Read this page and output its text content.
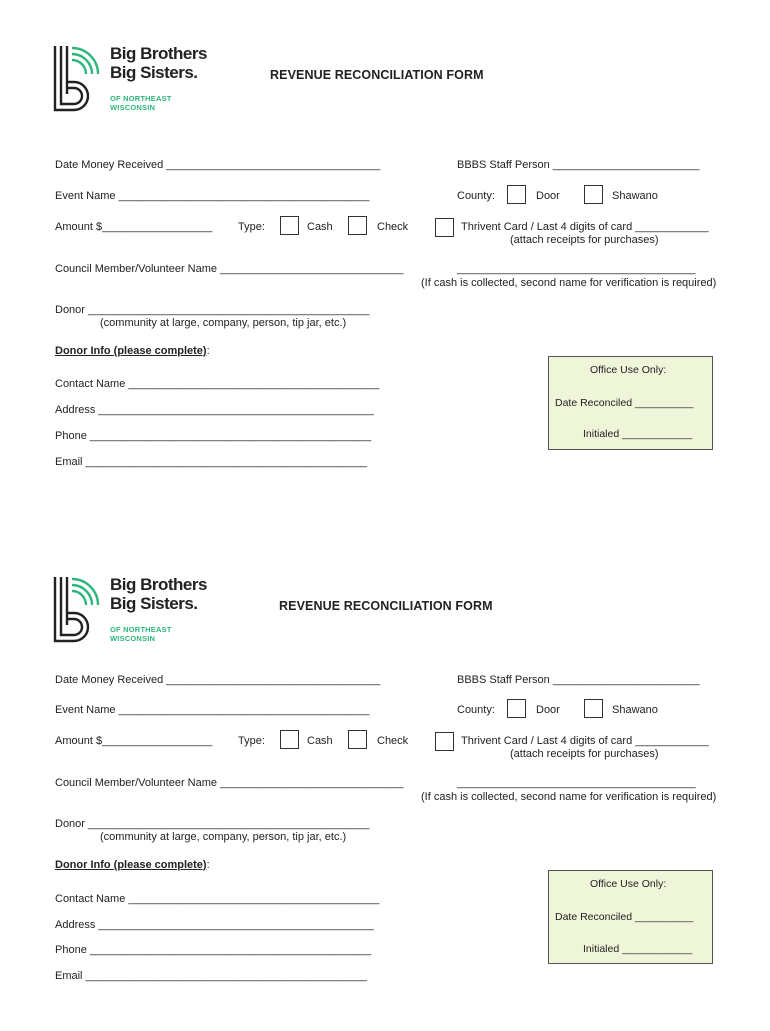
Big Brothers
Big Sisters.
OF NORTHEAST
WISCONSIN
REVENUE RECONCILIATION FORM
Date Money Received ___________________________________	BBBS Staff Person ________________________
Event Name _________________________________________	County:	Door	Shawano
Amount $__________________ Type:	Cash	Check	Thrivent Card / Last 4 digits of card ____________
(attach receipts for purchases)
Council Member/Volunteer Name ______________________________	_______________________________________
(If cash is collected, second name for verification is required)
Donor ______________________________________________
(community at large, company, person, tip jar, etc.)
Donor Info (please complete):
Contact Name _________________________________________
Address _____________________________________________
Phone ______________________________________________
Email ______________________________________________
Office Use Only:
Date Reconciled __________
Initialed ____________
Big Brothers
Big Sisters.
OF NORTHEAST
WISCONSIN
REVENUE RECONCILIATION FORM
Date Money Received ___________________________________	BBBS Staff Person ________________________
Event Name _________________________________________	County:	Door	Shawano
Amount $__________________ Type:	Cash	Check	Thrivent Card / Last 4 digits of card ____________
(attach receipts for purchases)
Council Member/Volunteer Name ______________________________	_______________________________________
(If cash is collected, second name for verification is required)
Donor ______________________________________________
(community at large, company, person, tip jar, etc.)
Donor Info (please complete):
Contact Name _________________________________________
Address _____________________________________________
Phone ______________________________________________
Email ______________________________________________
Office Use Only:
Date Reconciled __________
Initialed ____________
